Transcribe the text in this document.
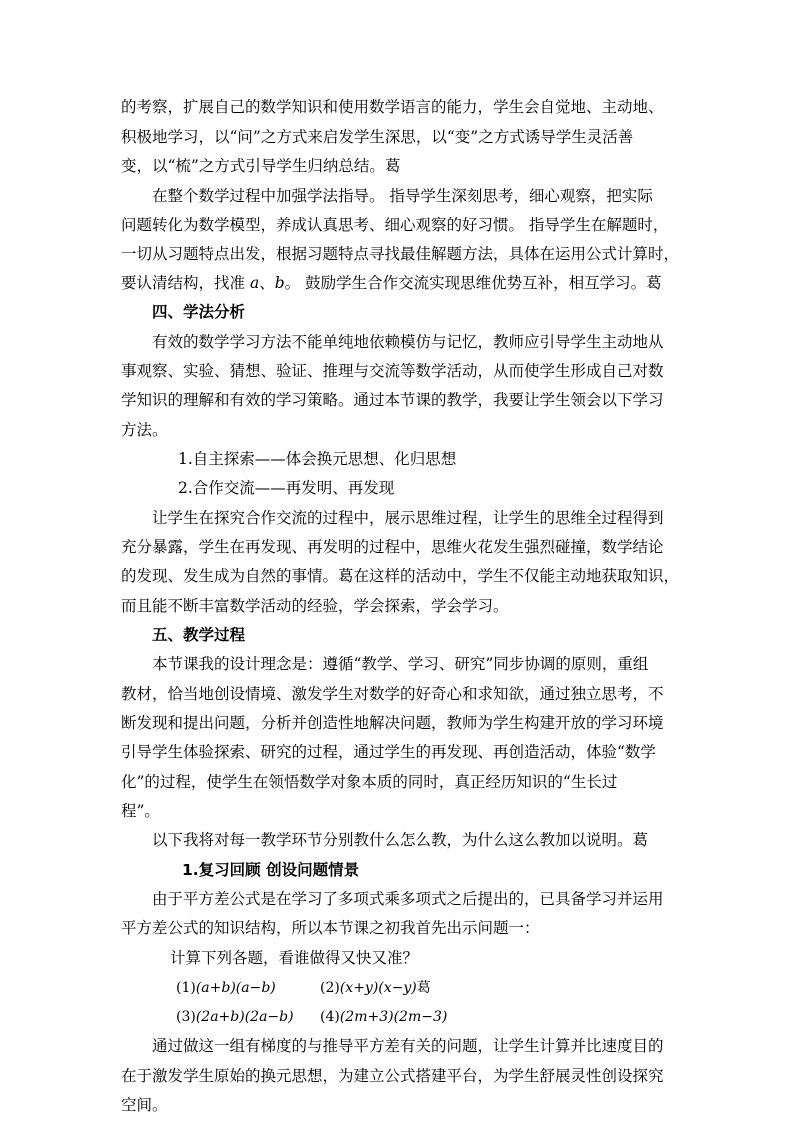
的考察，扩展自己的数学知识和使用数学语言的能力，学生会自觉地、主动地、
积极地学习，以“问”之方式来启发学生深思，以“变”之方式诱导学生灵活善
变，以“梳”之方式引导学生归纳总结。葛
在整个数学过程中加强学法指导。 指导学生深刻思考，细心观察，把实际
问题转化为数学模型，养成认真思考、细心观察的好习惯。 指导学生在解题时，
一切从习题特点出发，根据习题特点寻找最佳解题方法，具体在运用公式计算时，
要认清结构，找准 a、b。 鼓励学生合作交流实现思维优势互补，相互学习。葛
四、学法分析
有效的数学学习方法不能单纯地依赖模仿与记忆，教师应引导学生主动地从
事观察、实验、猜想、验证、推理与交流等数学活动，从而使学生形成自己对数
学知识的理解和有效的学习策略。通过本节课的教学，我要让学生领会以下学习
方法。
1.自主探索——体会换元思想、化归思想
2.合作交流——再发明、再发现
让学生在探究合作交流的过程中，展示思维过程，让学生的思维全过程得到
充分暴露，学生在再发现、再发明的过程中，思维火花发生强烈碰撞，数学结论
的发现、发生成为自然的事情。葛在这样的活动中，学生不仅能主动地获取知识，
而且能不断丰富数学活动的经验，学会探索，学会学习。
五、教学过程
本节课我的设计理念是：遵循“教学、学习、研究”同步协调的原则，重组
教材，恰当地创设情境、激发学生对数学的好奇心和求知欲，通过独立思考，不
断发现和提出问题，分析并创造性地解决问题，教师为学生构建开放的学习环境
引导学生体验探索、研究的过程，通过学生的再发现、再创造活动，体验“数学
化”的过程，使学生在领悟数学对象本质的同时，真正经历知识的“生长过
程”。
以下我将对每一教学环节分别教什么怎么教，为什么这么教加以说明。葛
1.复习回顾 创设问题情景
由于平方差公式是在学习了多项式乘多项式之后提出的，已具备学习并运用
平方差公式的知识结构，所以本节课之初我首先出示问题一：
计算下列各题，看谁做得又快又准？
(1)(a+b)(a−b)	(2)(x+y)(x−y)葛
(3)(2a+b)(2a−b) (4)(2m+3)(2m−3)
通过做这一组有梯度的与推导平方差有关的问题，让学生计算并比速度目的
在于激发学生原始的换元思想，为建立公式搭建平台，为学生舒展灵性创设探究
空间。
